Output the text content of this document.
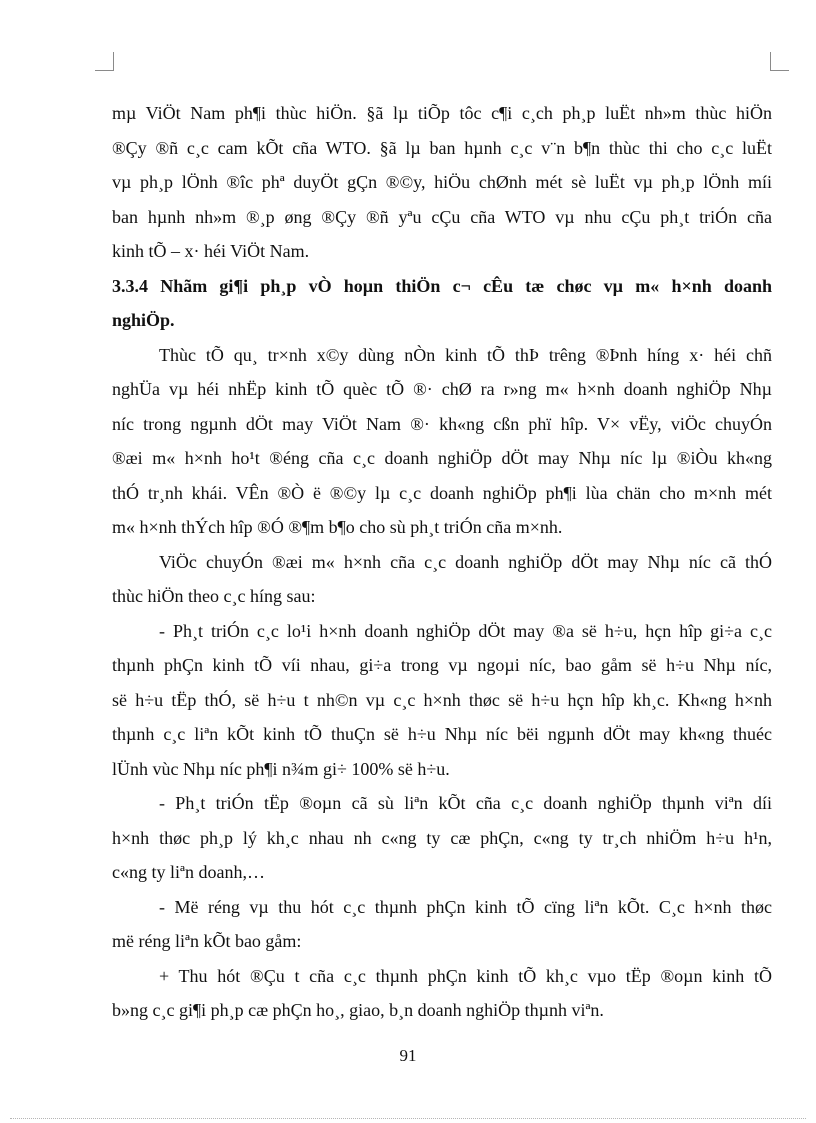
mµ ViÖt Nam ph¶i thùc hiÖn. §ã lµ tiÕp tôc c¶i c¸ch ph¸p luËt nh»m thùc hiÖn
®Çy ®ñ c¸c cam kÕt cña WTO. §ã lµ ban hµnh c¸c v¨n b¶n thùc thi cho c¸c luËt
vµ ph¸p lÖnh ®îc phª duyÖt gÇn ®©y, hiÖu chØnh mét sè luËt vµ ph¸p lÖnh míi
ban hµnh nh»m ®¸p øng ®Çy ®ñ yªu cÇu cña WTO vµ nhu cÇu ph¸t triÓn cña
kinh tÕ – x· héi ViÖt Nam.
3.3.4 Nhãm gi¶i ph¸p vÒ hoµn thiÖn c¬ cÊu tæ chøc vµ m« h×nh doanh
nghiÖp.
Thùc tÕ qu¸ tr×nh x©y dùng nÒn kinh tÕ thÞ trêng ®Þnh híng x· héi chñ
nghÜa vµ héi nhËp kinh tÕ quèc tÕ ®· chØ ra r»ng m« h×nh doanh nghiÖp Nhµ
níc trong ngµnh dÖt may ViÖt Nam ®· kh«ng cßn phï hîp. V× vËy, viÖc chuyÓn
®æi m« h×nh ho¹t ®éng cña c¸c doanh nghiÖp dÖt may Nhµ níc lµ ®iÒu kh«ng
thÓ tr¸nh khái. VÊn ®Ò ë ®©y lµ c¸c doanh nghiÖp ph¶i lùa chän cho m×nh mét
m« h×nh thÝch hîp ®Ó ®¶m b¶o cho sù ph¸t triÓn cña m×nh.
ViÖc chuyÓn ®æi m« h×nh cña c¸c doanh nghiÖp dÖt may Nhµ níc cã thÓ
thùc hiÖn theo c¸c híng sau:
- Ph¸t triÓn c¸c lo¹i h×nh doanh nghiÖp dÖt may ®a së h÷u, hçn hîp gi÷a c¸c
thµnh phÇn kinh tÕ víi nhau, gi÷a trong vµ ngoµi níc, bao gåm së h÷u Nhµ níc,
së h÷u tËp thÓ, së h÷u t nh©n vµ c¸c h×nh thøc së h÷u hçn hîp kh¸c. Kh«ng h×nh
thµnh c¸c liªn kÕt kinh tÕ thuÇn së h÷u Nhµ níc bëi ngµnh dÖt may kh«ng thuéc
lÜnh vùc Nhµ níc ph¶i n¾m gi÷ 100% së h÷u.
- Ph¸t triÓn tËp ®oµn cã sù liªn kÕt cña c¸c doanh nghiÖp thµnh viªn díi
h×nh thøc ph¸p lý kh¸c nhau nh c«ng ty cæ phÇn, c«ng ty tr¸ch nhiÖm h÷u h¹n,
c«ng ty liªn doanh,…
- Më réng vµ thu hót c¸c thµnh phÇn kinh tÕ cïng liªn kÕt. C¸c h×nh thøc
më réng liªn kÕt bao gåm:
+ Thu hót ®Çu t cña c¸c thµnh phÇn kinh tÕ kh¸c vµo tËp ®oµn kinh tÕ
b»ng c¸c gi¶i ph¸p cæ phÇn ho¸, giao, b¸n doanh nghiÖp thµnh viªn.
91
